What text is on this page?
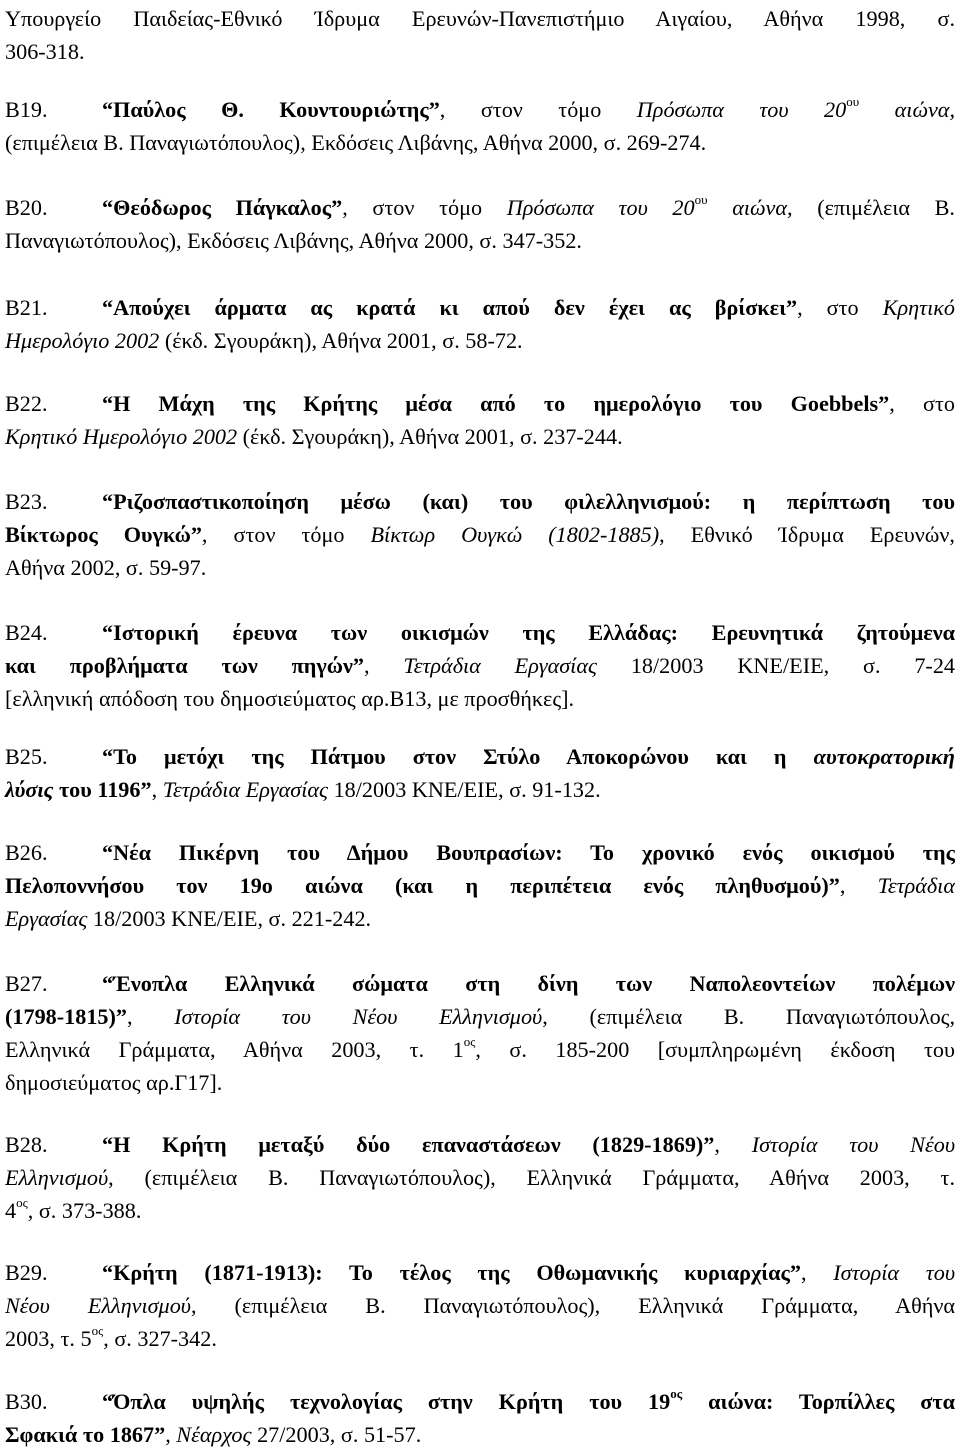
Υπουργείο Παιδείας-Εθνικό Ίδρυμα Ερευνών-Πανεπιστήμιο Αιγαίου, Αθήνα 1998, σ.
306-318.
B19. “Παύλος Θ. Κουντουριώτης”, στον τόμο Πρόσωπα του $20^{o\upsilon}$ αιώνα,
(επιμέλεια Β. Παναγιωτόπουλος), Εκδόσεις Λιβάνης, Αθήνα 2000, σ. 269-274.
B20. “Θεόδωρος Πάγκαλος”, στον τόμο Πρόσωπα του $20^{o\upsilon}$ αιώνα, (επιμέλεια Β.
Παναγιωτόπουλος), Εκδόσεις Λιβάνης, Αθήνα 2000, σ. 347-352.
B21. “Απούχει άρματα ας κρατά κι απού δεν έχει ας βρίσκει”, στο Κρητικό
Ημερολόγιο 2002 (έκδ. Σγουράκη), Αθήνα 2001, σ. 58-72.
B22. “Η Μάχη της Κρήτης μέσα από το ημερολόγιο του Goebbels”, στο
Κρητικό Ημερολόγιο 2002 (έκδ. Σγουράκη), Αθήνα 2001, σ. 237-244.
B23. “Ριζοσπαστικοποίηση μέσω (και) του φιλελληνισμού: η περίπτωση του
Βίκτωρος Ουγκώ”, στον τόμο Βίκτωρ Ουγκώ (1802-1885), Εθνικό Ίδρυμα Ερευνών,
Αθήνα 2002, σ. 59-97.
B24. “Ιστορική έρευνα των οικισμών της Ελλάδας: Ερευνητικά ζητούμενα
και προβλήματα των πηγών”, Τετράδια Εργασίας 18/2003 ΚΝΕ/ΕΙΕ, σ. 7-24
[ελληνική απόδοση του δημοσιεύματος αρ.Β13, με προσθήκες].
B25. “Το μετόχι της Πάτμου στον Στύλο Αποκορώνου και η αυτοκρατορική
λύσις του 1196”, Τετράδια Εργασίας 18/2003 ΚΝΕ/ΕΙΕ, σ. 91-132.
B26. “Νέα Πικέρνη του Δήμου Βουπρασίων: Το χρονικό ενός οικισμού της
Πελοποννήσου τον 19ο αιώνα (και η περιπέτεια ενός πληθυσμού)”, Τετράδια
Εργασίας 18/2003 ΚΝΕ/ΕΙΕ, σ. 221-242.
B27. “Ένοπλα Ελληνικά σώματα στη δίνη των Ναπολεοντείων πολέμων
(1798-1815)”, Ιστορία του Νέου Ελληνισμού, (επιμέλεια Β. Παναγιωτόπουλος,
Ελληνικά Γράμματα, Αθήνα 2003, τ. $1^{o\varsigma}$, σ. 185-200 [συμπληρωμένη έκδοση του
δημοσιεύματος αρ.Γ17].
B28. “Η Κρήτη μεταξύ δύο επαναστάσεων (1829-1869)”, Ιστορία του Νέου
Ελληνισμού, (επιμέλεια Β. Παναγιωτόπουλος), Ελληνικά Γράμματα, Αθήνα 2003, τ.
$4^{o\varsigma}$, σ. 373-388.
B29. “Κρήτη (1871-1913): Το τέλος της Οθωμανικής κυριαρχίας”, Ιστορία του
Νέου Ελληνισμού, (επιμέλεια Β. Παναγιωτόπουλος), Ελληνικά Γράμματα, Αθήνα
2003, τ. $5^{o\varsigma}$, σ. 327-342.
B30. “Όπλα υψηλής τεχνολογίας στην Κρήτη του $19^{o\varsigma}$ αιώνα: Τορπίλλες στα
Σφακιά το 1867”, Νέαρχος 27/2003, σ. 51-57.
